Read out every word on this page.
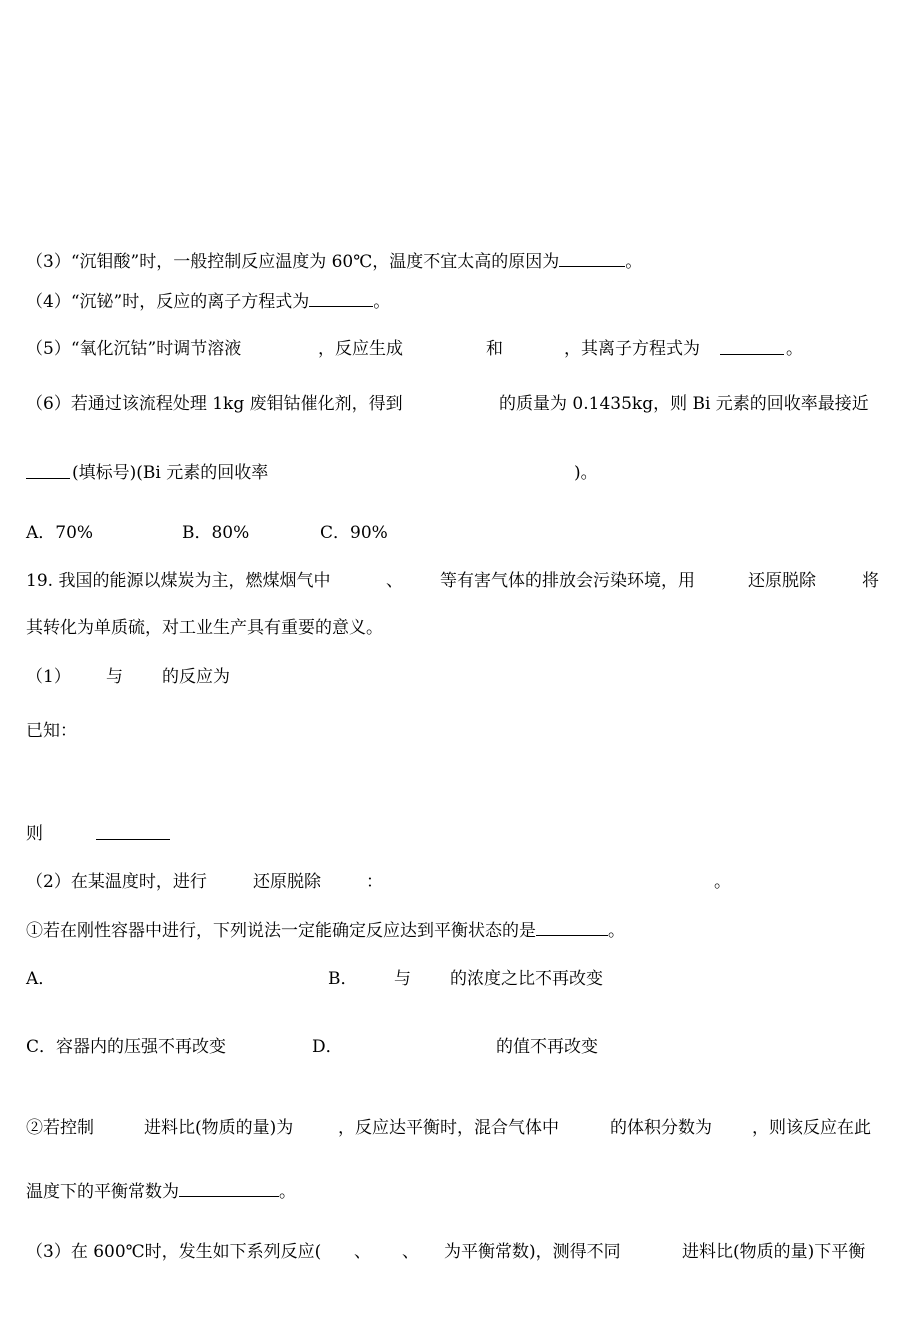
（3）“沉钼酸”时，一般控制反应温度为 60℃，温度不宜太高的原因为	。
（4）“沉铋”时，反应的离子方程式为	。
（5）“氧化沉钴”时调节溶液	，反应生成	和	，其离子方程式为	。
（6）若通过该流程处理 1kg 废钼钴催化剂，得到	的质量为 0.1435kg，则 Bi 元素的回收率最接近
(填标号)(Bi 元素的回收率	)。
A．70%	B．80%	C．90%
19. 我国的能源以煤炭为主，燃煤烟气中	、 等有害气体的排放会污染环境，用	还原脱除	将
其转化为单质硫，对工业生产具有重要的意义。
（1） 与 的反应为
已知：
则
（2）在某温度时，进行	还原脱除	：	。
①若在刚性容器中进行，下列说法一定能确定反应达到平衡状态的是	。
A．	B． 与 的浓度之比不再改变
C．容器内的压强不再改变	D．	的值不再改变
②若控制	进料比(物质的量)为	，反应达平衡时，混合气体中	的体积分数为 ，则该反应在此
温度下的平衡常数为	。
（3）在 600℃时，发生如下系列反应( 、 、 为平衡常数)，测得不同	进料比(物质的量)下平衡
